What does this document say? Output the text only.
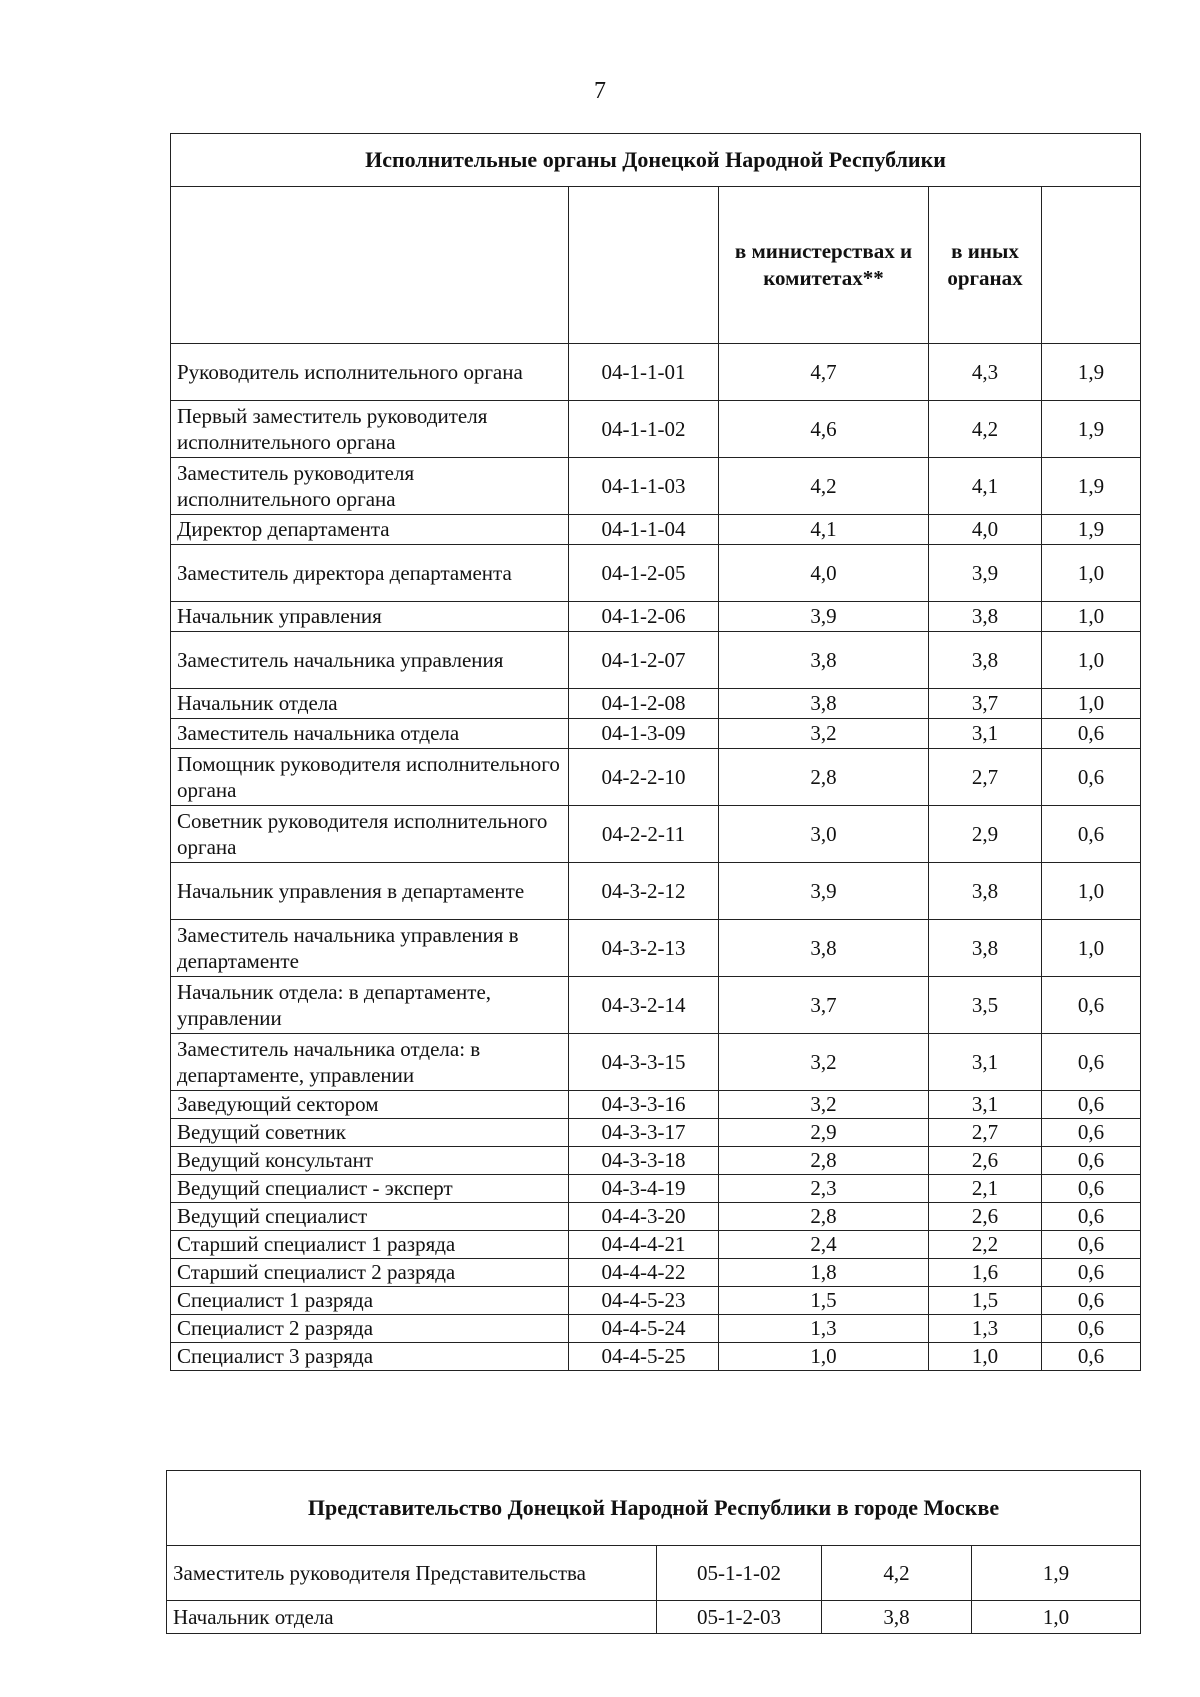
7
Исполнительные органы Донецкой Народной Республики				
		в министерствах и комитетах**	в иных органах	
Руководитель исполнительного органа	04-1-1-01	4,7	4,3	1,9
Первый заместитель руководителя исполнительного органа	04-1-1-02	4,6	4,2	1,9
Заместитель руководителя исполнительного органа	04-1-1-03	4,2	4,1	1,9
Директор департамента	04-1-1-04	4,1	4,0	1,9
Заместитель директора департамента	04-1-2-05	4,0	3,9	1,0
Начальник управления	04-1-2-06	3,9	3,8	1,0
Заместитель начальника управления	04-1-2-07	3,8	3,8	1,0
Начальник отдела	04-1-2-08	3,8	3,7	1,0
Заместитель начальника отдела	04-1-3-09	3,2	3,1	0,6
Помощник руководителя исполнительного органа	04-2-2-10	2,8	2,7	0,6
Советник руководителя исполнительного органа	04-2-2-11	3,0	2,9	0,6
Начальник управления в департаменте	04-3-2-12	3,9	3,8	1,0
Заместитель начальника управления в департаменте	04-3-2-13	3,8	3,8	1,0
Начальник отдела: в департаменте, управлении	04-3-2-14	3,7	3,5	0,6
Заместитель начальника отдела: в департаменте, управлении	04-3-3-15	3,2	3,1	0,6
Заведующий сектором	04-3-3-16	3,2	3,1	0,6
Ведущий советник	04-3-3-17	2,9	2,7	0,6
Ведущий консультант	04-3-3-18	2,8	2,6	0,6
Ведущий специалист - эксперт	04-3-4-19	2,3	2,1	0,6
Ведущий специалист	04-4-3-20	2,8	2,6	0,6
Старший специалист 1 разряда	04-4-4-21	2,4	2,2	0,6
Старший специалист 2 разряда	04-4-4-22	1,8	1,6	0,6
Специалист 1 разряда	04-4-5-23	1,5	1,5	0,6
Специалист 2 разряда	04-4-5-24	1,3	1,3	0,6
Специалист 3 разряда	04-4-5-25	1,0	1,0	0,6
Представительство Донецкой Народной Республики в городе Москве			
Заместитель руководителя Представительства	05-1-1-02	4,2	1,9
Начальник отдела	05-1-2-03	3,8	1,0
